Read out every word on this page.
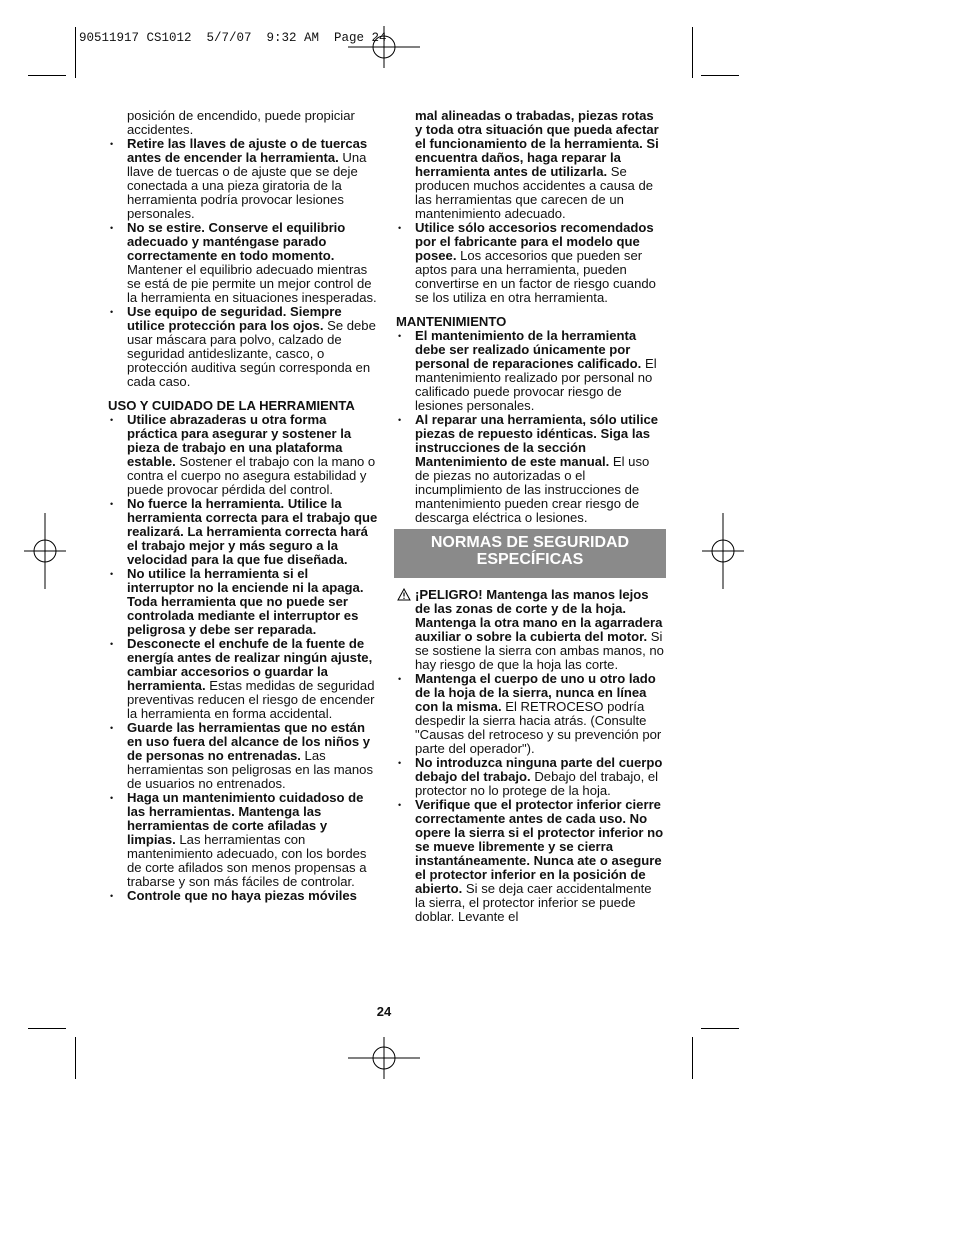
90511917 CS1012  5/7/07  9:32 AM  Page 24

posición de encendido, puede propiciar accidentes.

• Retire las llaves de ajuste o de tuercas antes de encender la herramienta. Una llave de tuercas o de ajuste que se deje conectada a una pieza giratoria de la herramienta podría provocar lesiones personales.
• No se estire. Conserve el equilibrio adecuado y manténgase parado correctamente en todo momento. Mantener el equilibrio adecuado mientras se está de pie permite un mejor control de la herramienta en situaciones inesperadas.
• Use equipo de seguridad. Siempre utilice protección para los ojos. Se debe usar máscara para polvo, calzado de seguridad antideslizante, casco, o protección auditiva según corresponda en cada caso.

USO Y CUIDADO DE LA HERRAMIENTA

• Utilice abrazaderas u otra forma práctica para asegurar y sostener la pieza de trabajo en una plataforma estable. Sostener el trabajo con la mano o contra el cuerpo no asegura estabilidad y puede provocar pérdida del control.
• No fuerce la herramienta. Utilice la herramienta correcta para el trabajo que realizará. La herramienta correcta hará el trabajo mejor y más seguro a la velocidad para la que fue diseñada.
• No utilice la herramienta si el interruptor no la enciende ni la apaga. Toda herramienta que no puede ser controlada mediante el interruptor es peligrosa y debe ser reparada.
• Desconecte el enchufe de la fuente de energía antes de realizar ningún ajuste, cambiar accesorios o guardar la herramienta. Estas medidas de seguridad preventivas reducen el riesgo de encender la herramienta en forma accidental.
• Guarde las herramientas que no están en uso fuera del alcance de los niños y de personas no entrenadas. Las herramientas son peligrosas en las manos de usuarios no entrenados.
• Haga un mantenimiento cuidadoso de las herramientas. Mantenga las herramientas de corte afiladas y limpias. Las herramientas con mantenimiento adecuado, con los bordes de corte afilados son menos propensas a trabarse y son más fáciles de controlar.
• Controle que no haya piezas móviles

mal alineadas o trabadas, piezas rotas y toda otra situación que pueda afectar el funcionamiento de la herramienta. Si encuentra daños, haga reparar la herramienta antes de utilizarla. Se producen muchos accidentes a causa de las herramientas que carecen de un mantenimiento adecuado.

• Utilice sólo accesorios recomendados por el fabricante para el modelo que posee. Los accesorios que pueden ser aptos para una herramienta, pueden convertirse en un factor de riesgo cuando se los utiliza en otra herramienta.

MANTENIMIENTO

• El mantenimiento de la herramienta debe ser realizado únicamente por personal de reparaciones calificado. El mantenimiento realizado por personal no calificado puede provocar riesgo de lesiones personales.
• Al reparar una herramienta, sólo utilice piezas de repuesto idénticas. Siga las instrucciones de la sección Mantenimiento de este manual. El uso de piezas no autorizadas o el incumplimiento de las instrucciones de mantenimiento pueden crear riesgo de descarga eléctrica o lesiones.
NORMAS DE SEGURIDAD
ESPECÍFICAS
¡PELIGRO! Mantenga las manos lejos de las zonas de corte y de la hoja. Mantenga la otra mano en la agarradera auxiliar o sobre la cubierta del motor. Si se sostiene la sierra con ambas manos, no hay riesgo de que la hoja las corte.
• Mantenga el cuerpo de uno u otro lado de la hoja de la sierra, nunca en línea con la misma. El RETROCESO podría despedir la sierra hacia atrás. (Consulte "Causas del retroceso y su prevención por parte del operador").
• No introduzca ninguna parte del cuerpo debajo del trabajo. Debajo del trabajo, el protector no lo protege de la hoja.
• Verifique que el protector inferior cierre correctamente antes de cada uso. No opere la sierra si el protector inferior no se mueve libremente y se cierra instantáneamente. Nunca ate o asegure el protector inferior en la posición de abierto. Si se deja caer accidentalmente la sierra, el protector inferior se puede doblar. Levante el
24
